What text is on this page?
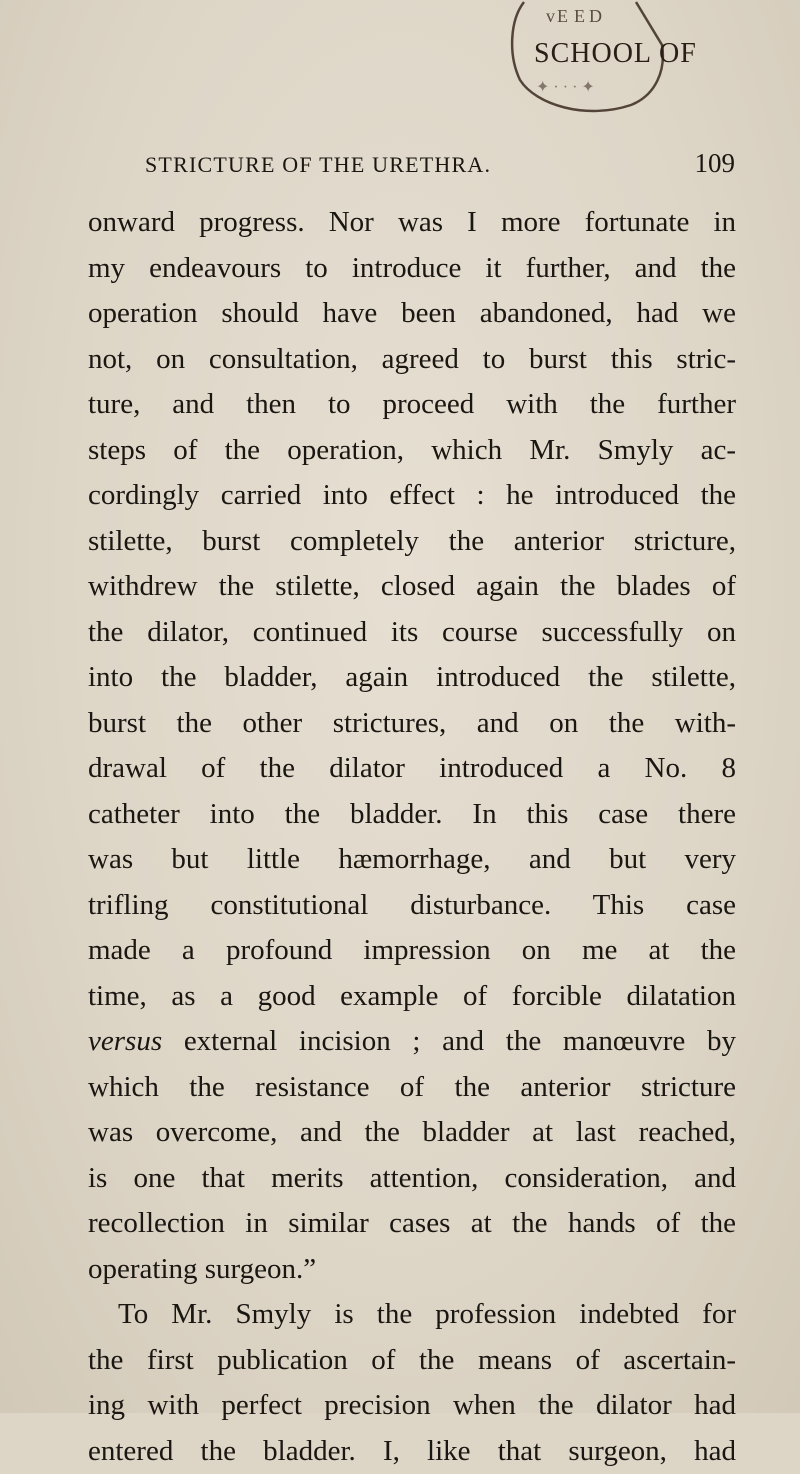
SCHOOL OF
v E E D
✦ · · · ✦
STRICTURE OF THE URETHRA.	109
onward progress. Nor was I more fortunate in
my endeavours to introduce it further, and the
operation should have been abandoned, had we
not, on consultation, agreed to burst this stric-
ture, and then to proceed with the further
steps of the operation, which Mr. Smyly ac-
cordingly carried into effect : he introduced the
stilette, burst completely the anterior stricture,
withdrew the stilette, closed again the blades of
the dilator, continued its course successfully on
into the bladder, again introduced the stilette,
burst the other strictures, and on the with-
drawal of the dilator introduced a No. 8
catheter into the bladder. In this case there
was but little hæmorrhage, and but very
trifling constitutional disturbance. This case
made a profound impression on me at the
time, as a good example of forcible dilatation
versus external incision ; and the manœuvre by
which the resistance of the anterior stricture
was overcome, and the bladder at last reached,
is one that merits attention, consideration, and
recollection in similar cases at the hands of the
operating surgeon.”
To Mr. Smyly is the profession indebted for
the first publication of the means of ascertain-
ing with perfect precision when the dilator had
entered the bladder. I, like that surgeon, had
